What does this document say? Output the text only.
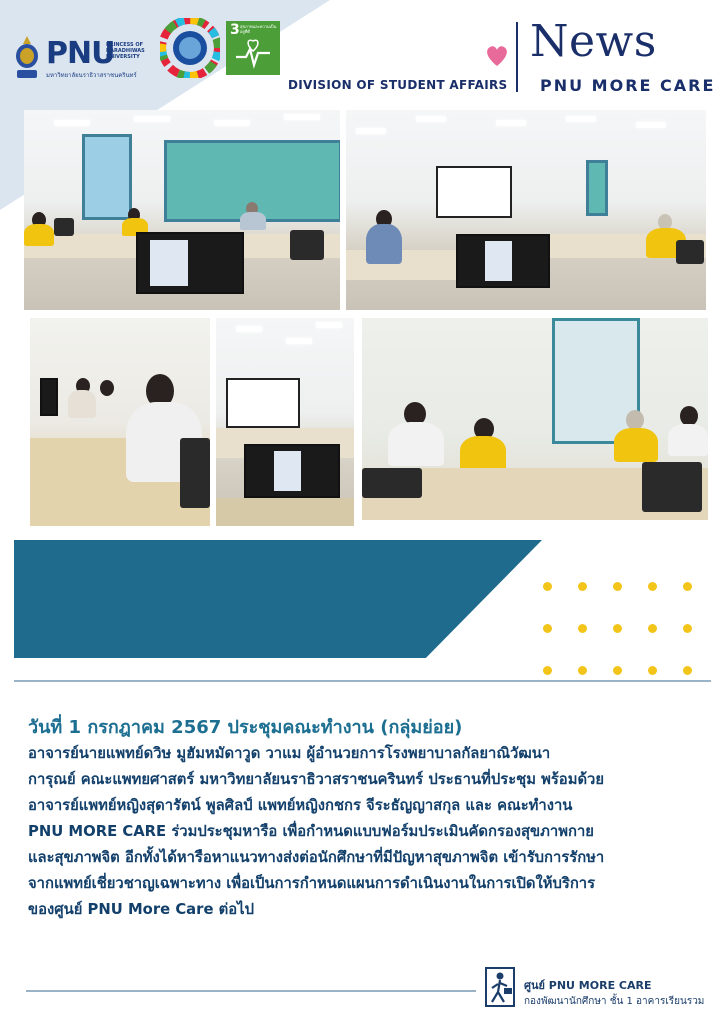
PNU
PRINCESS OF NARADHIWAS UNIVERSITY
มหาวิทยาลัยนราธิวาสราชนครินทร์
3 สุขภาพและความเป็นอยู่ที่ดี
DIVISION OF STUDENT AFFAIRS
News
PNU MORE CARE
วันที่ 1 กรกฎาคม 2567 ประชุมคณะทำงาน (กลุ่มย่อย)
อาจารย์นายแพทย์ดวิษ มูฮัมหมัดาวูด วาแม ผู้อำนวยการโรงพยาบาลกัลยาณิวัฒนา
การุณย์ คณะแพทยศาสตร์ มหาวิทยาลัยนราธิวาสราชนครินทร์ ประธานที่ประชุม พร้อมด้วย
อาจารย์แพทย์หญิงสุดารัตน์ พูลศิลป์ แพทย์หญิงกชกร จีระธัญญาสกุล และ คณะทำงาน
PNU MORE CARE ร่วมประชุมหารือ เพื่อกำหนดแบบฟอร์มประเมินคัดกรองสุขภาพกาย
และสุขภาพจิต อีกทั้งได้หารือหาแนวทางส่งต่อนักศึกษาที่มีปัญหาสุขภาพจิต เข้ารับการรักษา
จากแพทย์เชี่ยวชาญเฉพาะทาง เพื่อเป็นการกำหนดแผนการดำเนินงานในการเปิดให้บริการ
ของศูนย์ PNU More Care ต่อไป
ศูนย์ PNU MORE CARE
กองพัฒนานักศึกษา ชั้น 1 อาคารเรียนรวม
